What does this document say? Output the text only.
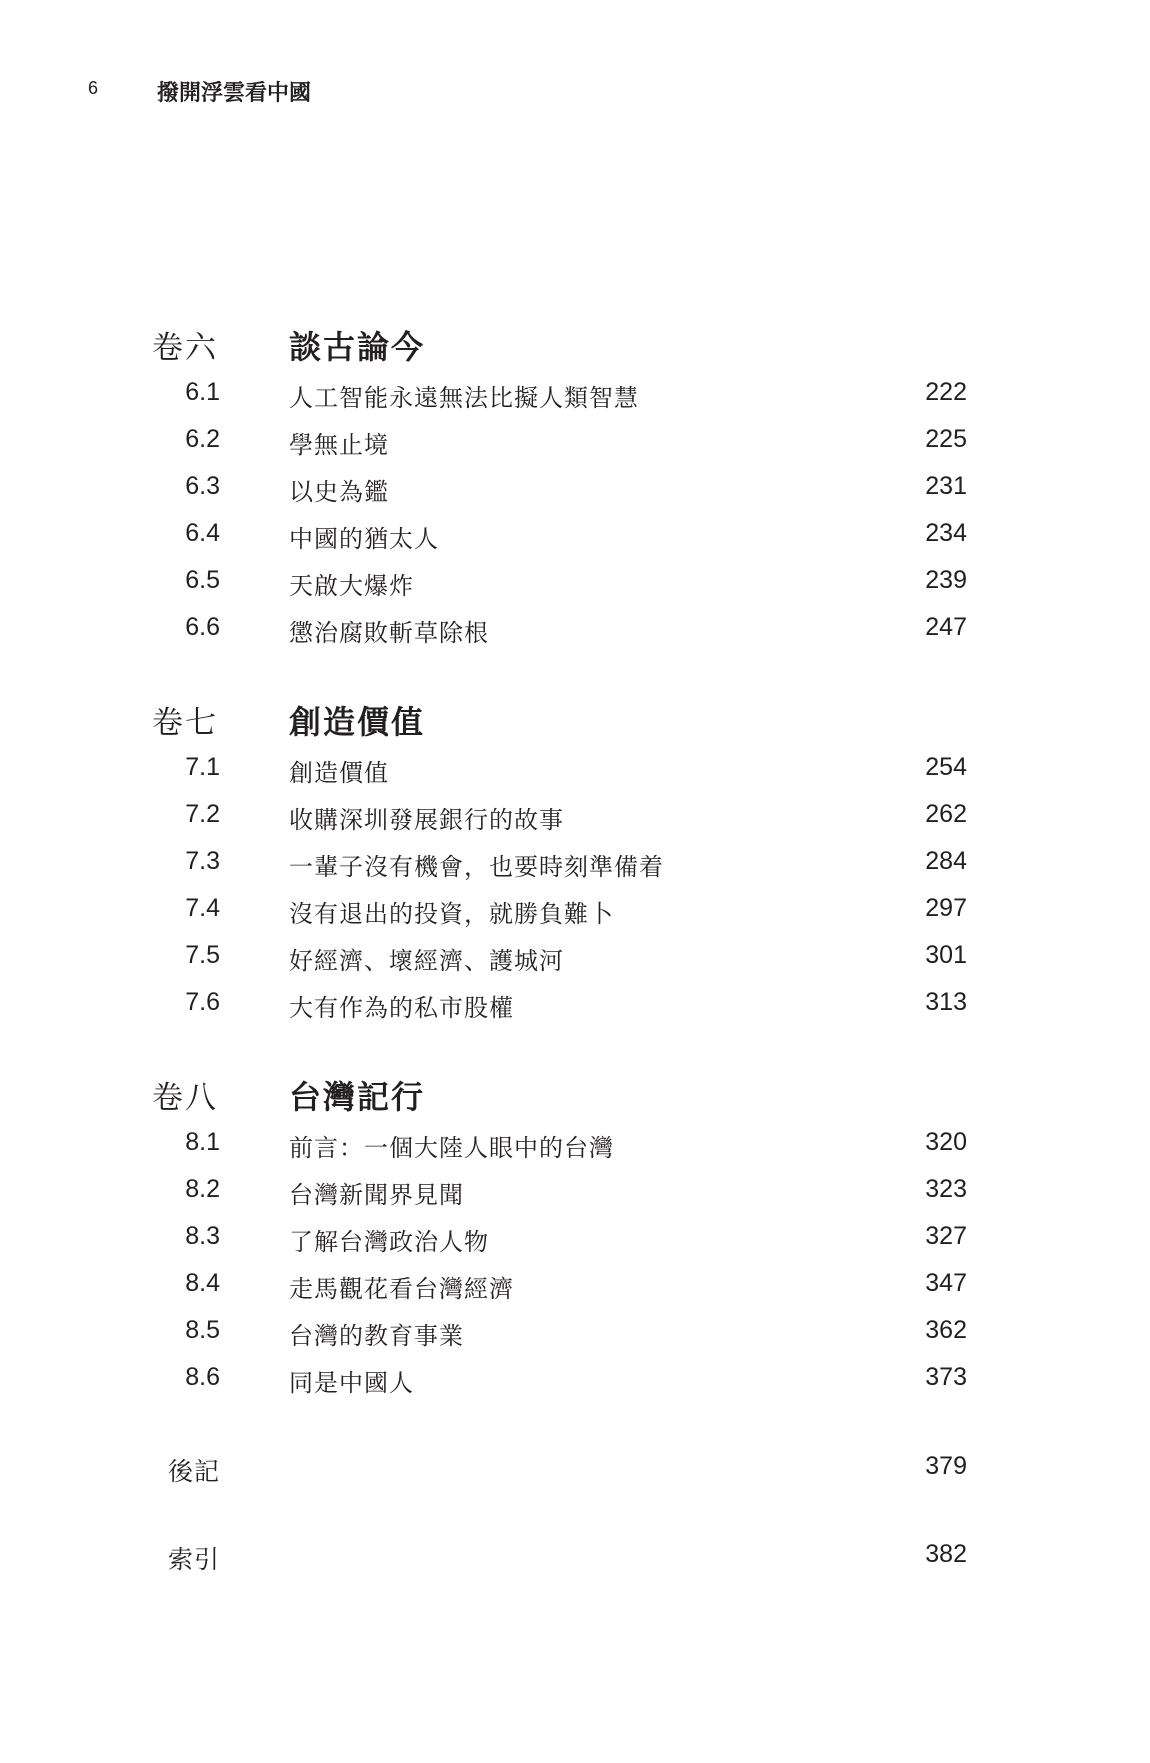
6	撥開浮雲看中國
卷六 談古論今
6.1	人工智能永遠無法比擬人類智慧	222
6.2	學無止境	225
6.3	以史為鑑	231
6.4	中國的猶太人	234
6.5	天啟大爆炸	239
6.6	懲治腐敗斬草除根	247
卷七 創造價值
7.1	創造價值	254
7.2	收購深圳發展銀行的故事	262
7.3	一輩子沒有機會，也要時刻準備着	284
7.4	沒有退出的投資，就勝負難卜	297
7.5	好經濟、壞經濟、護城河	301
7.6	大有作為的私市股權	313
卷八 台灣記行
8.1	前言：一個大陸人眼中的台灣	320
8.2	台灣新聞界見聞	323
8.3	了解台灣政治人物	327
8.4	走馬觀花看台灣經濟	347
8.5	台灣的教育事業	362
8.6	同是中國人	373
後記	379
索引	382
